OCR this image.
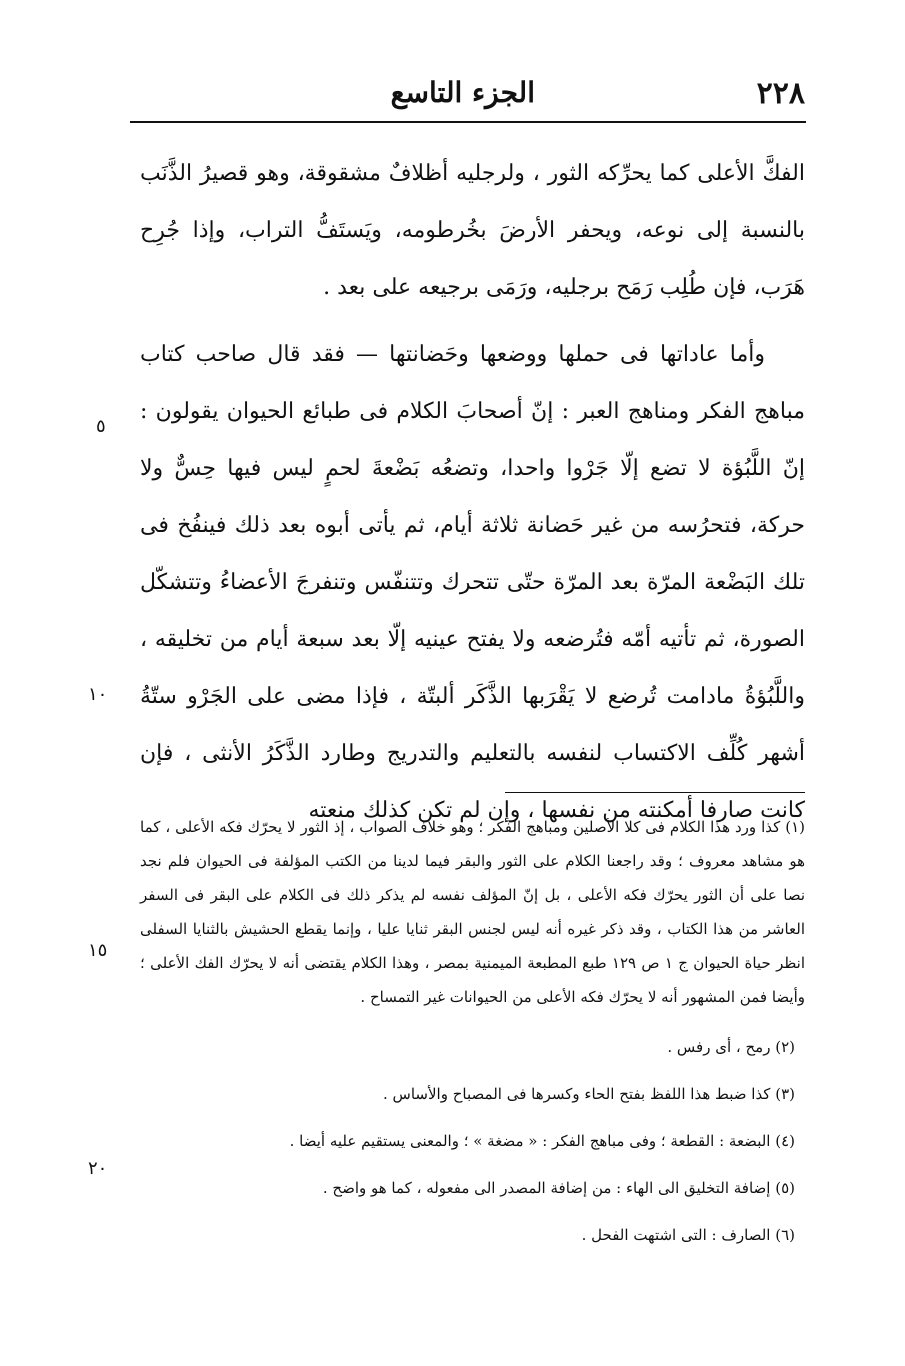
٢٢٨
الجزء التاسع

الفكَّ الأعلى كما يحرِّكه الثور ، ولرجليه أظلافٌ مشقوقة، وهو قصيرُ الذَّنَب بالنسبة إلى نوعه، ويحفر الأرضَ بخُرطومه، ويَستَفُّ التراب، وإذا جُرِح هَرَب، فإن طُلِب رَمَح برجليه، ورَمَى برجيعه على بعد .

وأما عاداتها فى حملها ووضعها وحَضانتها — فقد قال صاحب كتاب مباهج الفكر ومناهج العبر : إنّ أصحابَ الكلام فى طبائع الحيوان يقولون : إنّ اللَّبُؤة لا تضع إلّا جَرْوا واحدا، وتضعُه بَضْعةَ لحمٍ ليس فيها حِسٌّ ولا حركة، فتحرُسه من غير حَضانة ثلاثة أيام، ثم يأتى أبوه بعد ذلك فينفُخ فى تلك البَضْعة المرّة بعد المرّة حتّى تتحرك وتتنفّس وتنفرجَ الأعضاءُ وتتشكّل الصورة، ثم تأتيه أمّه فتُرضعه ولا يفتح عينيه إلّا بعد سبعة أيام من تخليقه ، واللَّبُؤةُ مادامت تُرضع لا يَقْرَبها الذَّكَر ألبتّة ، فإذا مضى على الجَرْو ستّةُ أشهر كُلِّف الاكتساب لنفسه بالتعليم والتدريج وطارد الذَّكَرُ الأنثى ، فإن كانت صارفا أمكنته من نفسها ، وإن لم تكن كذلك منعته

٥
١٠
١٥
٢٠

(١) كذا ورد هذا الكلام فى كلا الأصلين ومباهج الفكر ؛ وهو خلاف الصواب ، إذ الثور لا يحرّك فكه الأعلى ، كما هو مشاهد معروف ؛ وقد راجعنا الكلام على الثور والبقر فيما لدينا من الكتب المؤلفة فى الحيوان فلم نجد نصا على أن الثور يحرّك فكه الأعلى ، بل إنّ المؤلف نفسه لم يذكر ذلك فى الكلام على البقر فى السفر العاشر من هذا الكتاب ، وقد ذكر غيره أنه ليس لجنس البقر ثنايا عليا ، وإنما يقطع الحشيش بالثنايا السفلى انظر حياة الحيوان ج ١ ص ١٢٩ طبع المطبعة الميمنية بمصر ، وهذا الكلام يقتضى أنه لا يحرّك الفك الأعلى ؛ وأيضا فمن المشهور أنه لا يحرّك فكه الأعلى من الحيوانات غير التمساح .

(٢) رمح ، أى رفس .

(٣) كذا ضبط هذا اللفظ بفتح الحاء وكسرها فى المصباح والأساس .

(٤) البضعة : القطعة ؛ وفى مباهج الفكر : « مضغة » ؛ والمعنى يستقيم عليه أيضا .

(٥) إضافة التخليق الى الهاء : من إضافة المصدر الى مفعوله ، كما هو واضح .

(٦) الصارف : التى اشتهت الفحل .
